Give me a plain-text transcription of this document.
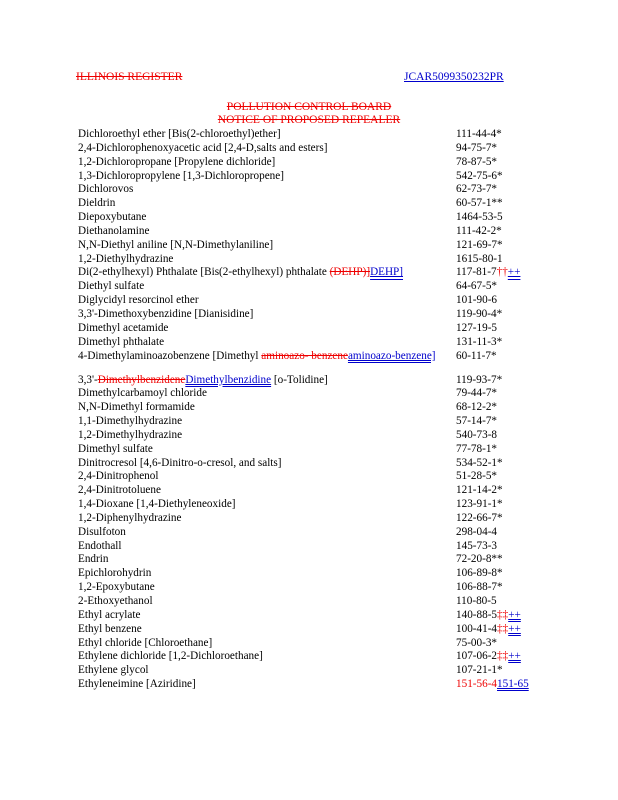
ILLINOIS REGISTER	JCAR5099350232PR
POLLUTION CONTROL BOARD
NOTICE OF PROPOSED REPEALER
Dichloroethyl ether [Bis(2-chloroethyl)ether]	111-44-4*
2,4-Dichlorophenoxyacetic acid [2,4-D,salts and esters]	94-75-7*
1,2-Dichloropropane [Propylene dichloride]	78-87-5*
1,3-Dichloropropylene [1,3-Dichloropropene]	542-75-6*
Dichlorovos	62-73-7*
Dieldrin	60-57-1**
Diepoxybutane	1464-53-5
Diethanolamine	111-42-2*
N,N-Diethyl aniline [N,N-Dimethylaniline]	121-69-7*
1,2-Diethylhydrazine	1615-80-1
Di(2-ethylhexyl) Phthalate [Bis(2-ethylhexyl) phthalate (DEHP)]DEHP]	117-81-7††++
Diethyl sulfate	64-67-5*
Diglycidyl resorcinol ether	101-90-6
3,3'-Dimethoxybenzidine [Dianisidine]	119-90-4*
Dimethyl acetamide	127-19-5
Dimethyl phthalate	131-11-3*
4-Dimethylaminoazobenzene [Dimethyl aminoazo- benzeneaminoazo-benzene] 60-11-7*
3,3'-DimethylbenzideneDimethylbenzidine [o-Tolidine]	119-93-7*
Dimethylcarbamoyl chloride	79-44-7*
N,N-Dimethyl formamide	68-12-2*
1,1-Dimethylhydrazine	57-14-7*
1,2-Dimethylhydrazine	540-73-8
Dimethyl sulfate	77-78-1*
Dinitrocresol [4,6-Dinitro-o-cresol, and salts]	534-52-1*
2,4-Dinitrophenol	51-28-5*
2,4-Dinitrotoluene	121-14-2*
1,4-Dioxane [1,4-Diethyleneoxide]	123-91-1*
1,2-Diphenylhydrazine	122-66-7*
Disulfoton	298-04-4
Endothall	145-73-3
Endrin	72-20-8**
Epichlorohydrin	106-89-8*
1,2-Epoxybutane	106-88-7*
2-Ethoxyethanol	110-80-5
Ethyl acrylate	140-88-5‡‡++
Ethyl benzene	100-41-4‡‡++
Ethyl chloride [Chloroethane]	75-00-3*
Ethylene dichloride [1,2-Dichloroethane]	107-06-2‡‡++
Ethylene glycol	107-21-1*
Ethyleneimine [Aziridine]	151-56-4151-65
